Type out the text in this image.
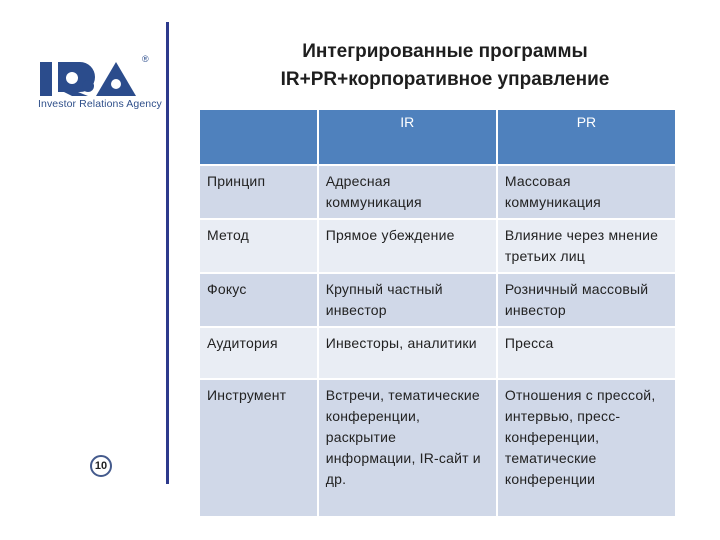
®
Investor Relations Agency
Интегрированные программы
IR+PR+корпоративное управление
	IR	PR
Принцип	Адресная коммуникация	Массовая коммуникация
Метод	Прямое убеждение	Влияние через мнение третьих лиц
Фокус	Крупный частный инвестор	Розничный массовый инвестор
Аудитория	Инвесторы, аналитики	Пресса
Инструмент	Встречи, тематические конференции, раскрытие информации, IR-сайт и др.	Отношения с прессой, интервью, пресс-конференции, тематические конференции
10
